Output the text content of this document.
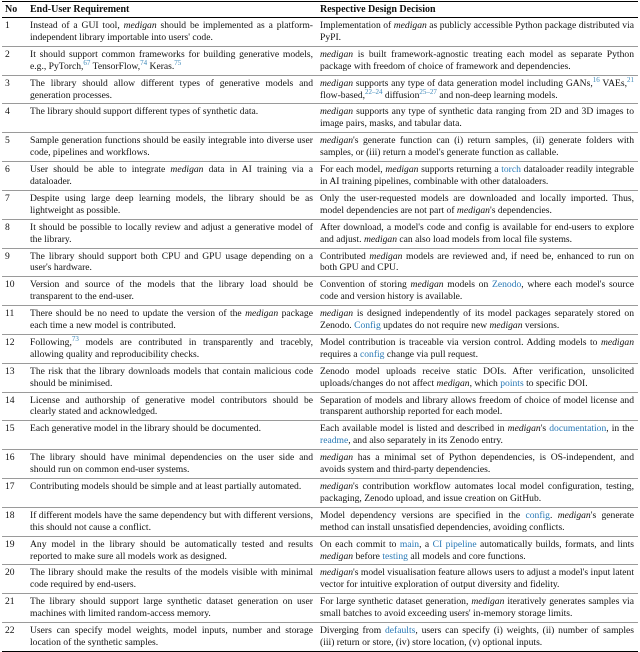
No	End-User Requirement	Respective Design Decision
1	Instead of a GUI tool, medigan should be implemented as a platform-independent library importable into users' code.	Implementation of medigan as publicly accessible Python package distributed via PyPI.
2	It should support common frameworks for building generative models, e.g., PyTorch,$^{67}$ TensorFlow,$^{74}$ Keras.$^{75}$	medigan is built framework-agnostic treating each model as separate Python package with freedom of choice of framework and dependencies.
3	The library should allow different types of generative models and generation processes.	medigan supports any type of data generation model including GANs,$^{16}$ VAEs,$^{21}$ flow-based,$^{22-24}$ diffusion$^{25-27}$ and non-deep learning models.
4	The library should support different types of synthetic data.	medigan supports any type of synthetic data ranging from 2D and 3D images to image pairs, masks, and tabular data.
5	Sample generation functions should be easily integrable into diverse user code, pipelines and workflows.	medigan's generate function can (i) return samples, (ii) generate folders with samples, or (iii) return a model's generate function as callable.
6	User should be able to integrate medigan data in AI training via a dataloader.	For each model, medigan supports returning a torch dataloader readily integrable in AI training pipelines, combinable with other dataloaders.
7	Despite using large deep learning models, the library should be as lightweight as possible.	Only the user-requested models are downloaded and locally imported. Thus, model dependencies are not part of medigan's dependencies.
8	It should be possible to locally review and adjust a generative model of the library.	After download, a model's code and config is available for end-users to explore and adjust. medigan can also load models from local file systems.
9	The library should support both CPU and GPU usage depending on a user's hardware.	Contributed medigan models are reviewed and, if need be, enhanced to run on both GPU and CPU.
10	Version and source of the models that the library load should be transparent to the end-user.	Convention of storing medigan models on Zenodo, where each model's source code and version history is available.
11	There should be no need to update the version of the medigan package each time a new model is contributed.	medigan is designed independently of its model packages separately stored on Zenodo. Config updates do not require new medigan versions.
12	Following,$^{73}$ models are contributed in transparently and tracebly, allowing quality and reproducibility checks.	Model contribution is traceable via version control. Adding models to medigan requires a config change via pull request.
13	The risk that the library downloads models that contain malicious code should be minimised.	Zenodo model uploads receive static DOIs. After verification, unsolicited uploads/changes do not affect medigan, which points to specific DOI.
14	License and authorship of generative model contributors should be clearly stated and acknowledged.	Separation of models and library allows freedom of choice of model license and transparent authorship reported for each model.
15	Each generative model in the library should be documented.	Each available model is listed and described in medigan's documentation, in the readme, and also separately in its Zenodo entry.
16	The library should have minimal dependencies on the user side and should run on common end-user systems.	medigan has a minimal set of Python dependencies, is OS-independent, and avoids system and third-party dependencies.
17	Contributing models should be simple and at least partially automated.	medigan's contribution workflow automates local model configuration, testing, packaging, Zenodo upload, and issue creation on GitHub.
18	If different models have the same dependency but with different versions, this should not cause a conflict.	Model dependency versions are specified in the config. medigan's generate method can install unsatisfied dependencies, avoiding conflicts.
19	Any model in the library should be automatically tested and results reported to make sure all models work as designed.	On each commit to main, a CI pipeline automatically builds, formats, and lints medigan before testing all models and core functions.
20	The library should make the results of the models visible with minimal code required by end-users.	medigan's model visualisation feature allows users to adjust a model's input latent vector for intuitive exploration of output diversity and fidelity.
21	The library should support large synthetic dataset generation on user machines with limited random-access memory.	For large synthetic dataset generation, medigan iteratively generates samples via small batches to avoid exceeding users' in-memory storage limits.
22	Users can specify model weights, model inputs, number and storage location of the synthetic samples.	Diverging from defaults, users can specify (i) weights, (ii) number of samples (iii) return or store, (iv) store location, (v) optional inputs.
